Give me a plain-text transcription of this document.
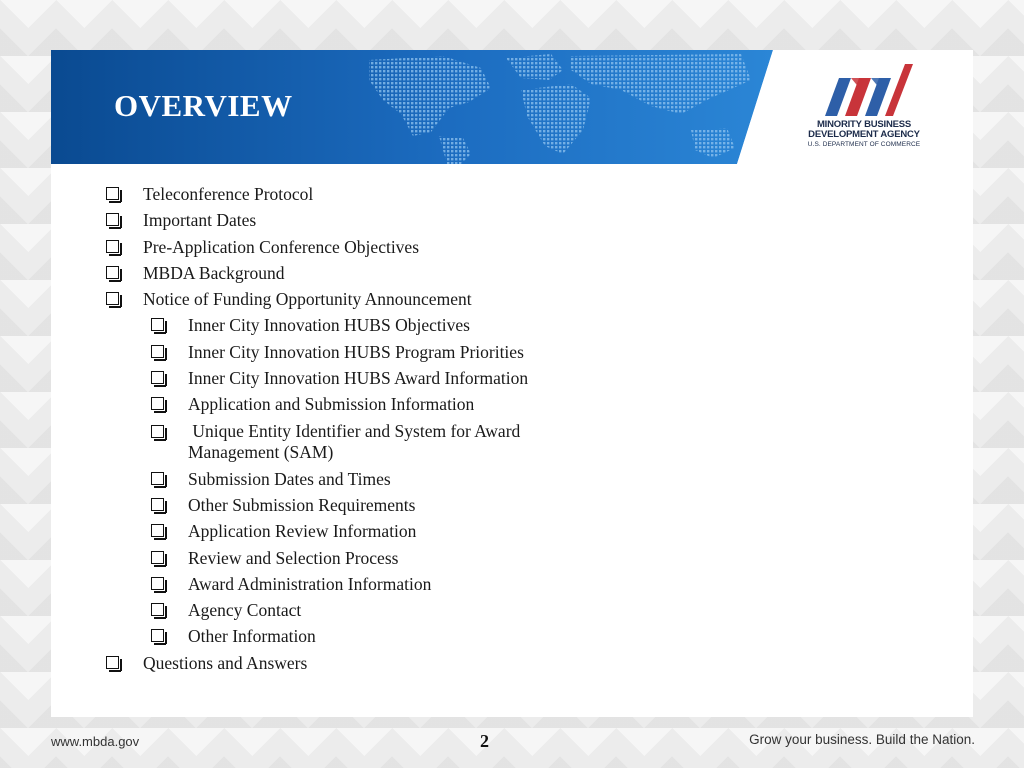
OVERVIEW
MINORITY BUSINESS
DEVELOPMENT AGENCY
U.S. DEPARTMENT OF COMMERCE
Teleconference Protocol
Important Dates
Pre-Application Conference Objectives
MBDA Background
Notice of Funding Opportunity Announcement
Inner City Innovation HUBS Objectives
Inner City Innovation HUBS Program Priorities
Inner City Innovation HUBS Award Information
Application and Submission Information
Unique Entity Identifier and System for Award Management (SAM)
Submission Dates and Times
Other Submission Requirements
Application Review Information
Review and Selection Process
Award Administration Information
Agency Contact
Other Information
Questions and Answers
www.mbda.gov	2	Grow your business. Build the Nation.
